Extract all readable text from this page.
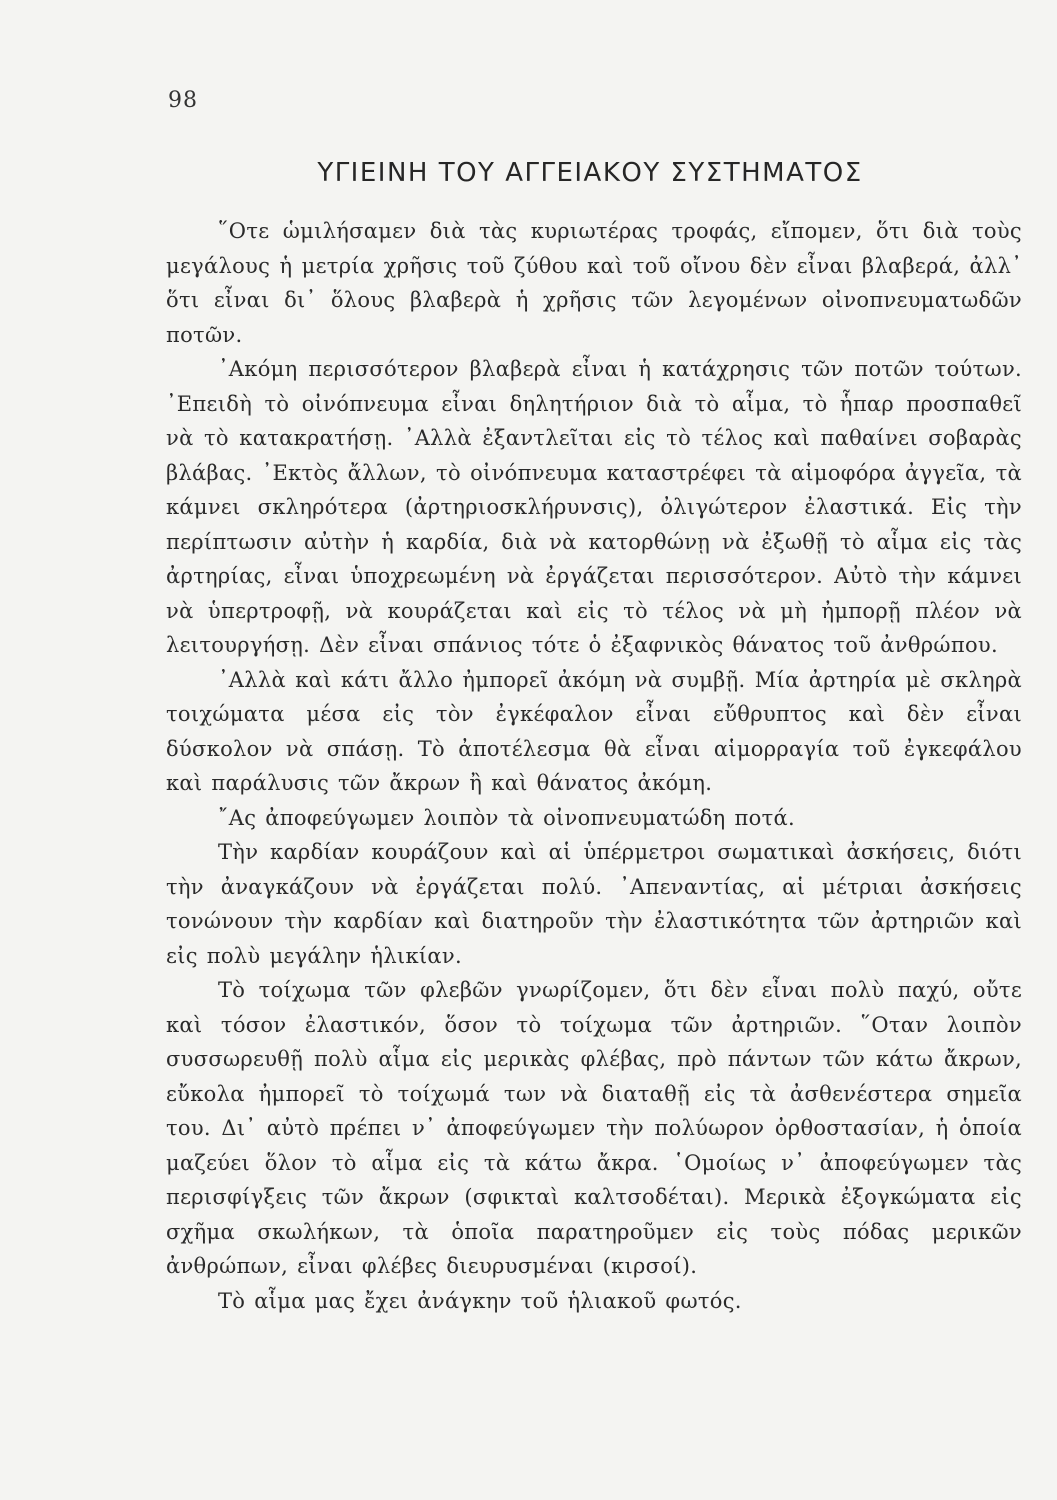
98
ΥΓΙΕΙΝΗ ΤΟΥ ΑΓΓΕΙΑΚΟΥ ΣΥΣΤΗΜΑΤΟΣ

῞Οτε ὡμιλήσαμεν διὰ τὰς κυριωτέρας τροφάς, εἴπομεν, ὅτι διὰ τοὺς μεγάλους ἡ μετρία χρῆσις τοῦ ζύθου καὶ τοῦ οἴνου δὲν εἶναι βλαβερά, ἀλλ᾿ ὅτι εἶναι δι᾿ ὅλους βλαβερὰ ἡ χρῆσις τῶν λεγομένων οἰνοπνευματωδῶν ποτῶν.

᾿Ακόμη περισσότερον βλαβερὰ εἶναι ἡ κατάχρησις τῶν ποτῶν τούτων. ᾿Επειδὴ τὸ οἰνόπνευμα εἶναι δηλητήριον διὰ τὸ αἷμα, τὸ ἧπαρ προσπαθεῖ νὰ τὸ κατακρατήσῃ. ᾿Αλλὰ ἐξαντλεῖται εἰς τὸ τέλος καὶ παθαίνει σοβαρὰς βλάβας. ᾿Εκτὸς ἄλλων, τὸ οἰνόπνευμα καταστρέφει τὰ αἱμοφόρα ἀγγεῖα, τὰ κάμνει σκληρότερα (ἀρτηριοσκλήρυνσις), ὀλιγώτερον ἐλαστικά. Εἰς τὴν περίπτωσιν αὐτὴν ἡ καρδία, διὰ νὰ κατορθώνῃ νὰ ἐξωθῇ τὸ αἷμα εἰς τὰς ἀρτηρίας, εἶναι ὑποχρεωμένη νὰ ἐργάζεται περισσότερον. Αὐτὸ τὴν κάμνει νὰ ὑπερτροφῇ, νὰ κουράζεται καὶ εἰς τὸ τέλος νὰ μὴ ἠμπορῇ πλέον νὰ λειτουργήσῃ. Δὲν εἶναι σπάνιος τότε ὁ ἐξαφνικὸς θάνατος τοῦ ἀνθρώπου.

᾿Αλλὰ καὶ κάτι ἄλλο ἠμπορεῖ ἀκόμη νὰ συμβῇ. Μία ἀρτηρία μὲ σκληρὰ τοιχώματα μέσα εἰς τὸν ἐγκέφαλον εἶναι εὔθρυπτος καὶ δὲν εἶναι δύσκολον νὰ σπάσῃ. Τὸ ἀποτέλεσμα θὰ εἶναι αἱμορραγία τοῦ ἐγκεφάλου καὶ παράλυσις τῶν ἄκρων ἢ καὶ θάνατος ἀκόμη.

῎Ας ἀποφεύγωμεν λοιπὸν τὰ οἰνοπνευματώδη ποτά.

Τὴν καρδίαν κουράζουν καὶ αἱ ὑπέρμετροι σωματικαὶ ἀσκήσεις, διότι τὴν ἀναγκάζουν νὰ ἐργάζεται πολύ. ᾿Απεναντίας, αἱ μέτριαι ἀσκήσεις τονώνουν τὴν καρδίαν καὶ διατηροῦν τὴν ἐλαστικότητα τῶν ἀρτηριῶν καὶ εἰς πολὺ μεγάλην ἡλικίαν.

Τὸ τοίχωμα τῶν φλεβῶν γνωρίζομεν, ὅτι δὲν εἶναι πολὺ παχύ, οὔτε καὶ τόσον ἐλαστικόν, ὅσον τὸ τοίχωμα τῶν ἀρτηριῶν. ῞Οταν λοιπὸν συσσωρευθῇ πολὺ αἷμα εἰς μερικὰς φλέβας, πρὸ πάντων τῶν κάτω ἄκρων, εὔκολα ἠμπορεῖ τὸ τοίχωμά των νὰ διαταθῇ εἰς τὰ ἀσθενέστερα σημεῖα του. Δι᾿ αὐτὸ πρέπει ν᾿ ἀποφεύγωμεν τὴν πολύωρον ὀρθοστασίαν, ἡ ὁποία μαζεύει ὅλον τὸ αἷμα εἰς τὰ κάτω ἄκρα. ῾Ομοίως ν᾿ ἀποφεύγωμεν τὰς περισφίγξεις τῶν ἄκρων (σφικταὶ καλτσοδέται). Μερικὰ ἐξογκώματα εἰς σχῆμα σκωλήκων, τὰ ὁποῖα παρατηροῦμεν εἰς τοὺς πόδας μερικῶν ἀνθρώπων, εἶναι φλέβες διευρυσμέναι (κιρσοί).

Τὸ αἷμα μας ἔχει ἀνάγκην τοῦ ἡλιακοῦ φωτός.
